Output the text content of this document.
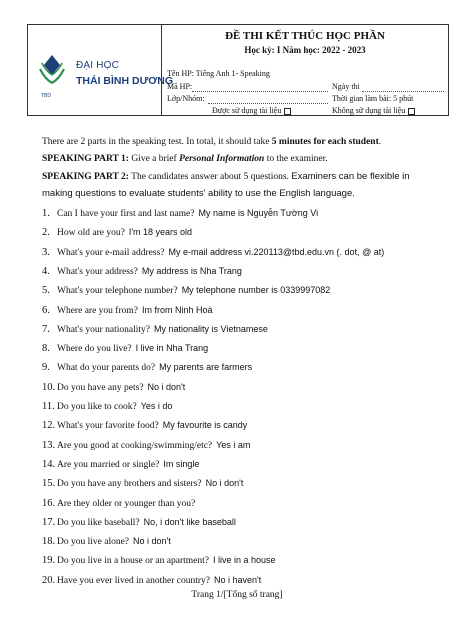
TBD
ĐẠI HỌC
THÁI BÌNH DƯƠNG
ĐỀ THI KẾT THÚC HỌC PHẦN
Học kỳ: I Năm học: 2022 - 2023
Tên HP: Tiếng Anh 1- Speaking
Mã HP:	Ngày thi
Lớp/Nhóm:	Thời gian làm bài: 5 phút
Được sử dụng tài liệu	Không sử dụng tài liệu
There are 2 parts in the speaking test. In total, it should take 5 minutes for each student.
SPEAKING PART 1: Give a brief Personal Information to the examiner.
SPEAKING PART 2: The candidates answer about 5 questions. Examiners can be flexible in
making questions to evaluate students' ability to use the English language.
1. Can I have your first and last name? My name is Nguyễn Tường Vi
2. How old are you? I'm 18 years old
3. What's your e-mail address? My e-mail address vi.220113@tbd.edu.vn (. dot, @ at)
4. What's your address? My address is Nha Trang
5. What's your telephone number? My telephone number is 0339997082
6. Where are you from? Im from Ninh Hoà
7. What's your nationality? My nationality is Vietnamese
8. Where do you live? I live in Nha Trang
9. What do your parents do? My parents are farmers
10. Do you have any pets? No i don't
11. Do you like to cook? Yes i do
12. What's your favorite food? My favourite is candy
13. Are you good at cooking/swimming/etc? Yes i am
14. Are you married or single? Im single
15. Do you have any brothers and sisters? No i don't
16. Are they older or younger than you?
17. Do you like baseball? No, i don't like baseball
18. Do you live alone? No i don't
19. Do you live in a house or an apartment? I live in a house
20. Have you ever lived in another country? No i haven't
Trang 1/[Tổng số trang]
